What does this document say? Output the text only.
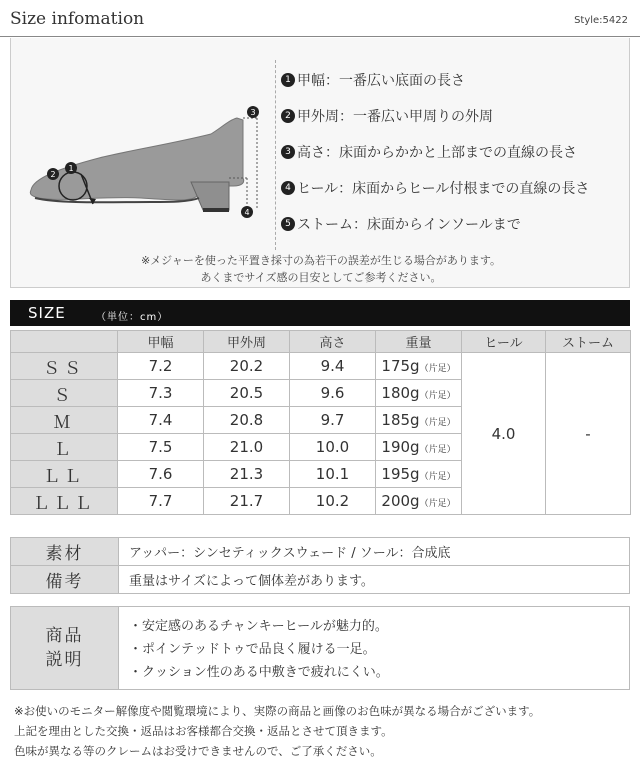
Size infomation	Style:5422
1
2
3
4
1 甲幅：一番広い底面の長さ
2 甲外周：一番広い甲周りの外周
3 高さ：床面からかかと上部までの直線の長さ
4 ヒール：床面からヒール付根までの直線の長さ
5 ストーム：床面からインソールまで
※メジャーを使った平置き採寸の為若干の誤差が生じる場合があります。
あくまでサイズ感の目安としてご参考ください。
SIZE	（単位：cm）
	甲幅	甲外周	高さ	重量	ヒール	ストーム
ＳＳ	7.2	20.2	9.4	175g（片足）	4.0	-
Ｓ	7.3	20.5	9.6	180g（片足）		
Ｍ	7.4	20.8	9.7	185g（片足）		
Ｌ	7.5	21.0	10.0	190g（片足）		
ＬＬ	7.6	21.3	10.1	195g（片足）		
ＬＬＬ	7.7	21.7	10.2	200g（片足）		
素材	アッパー：シンセティックスウェード / ソール：合成底
備考	重量はサイズによって個体差があります。
商品
説明
・安定感のあるチャンキーヒールが魅力的。
・ポインテッドトゥで品良く履ける一足。
・クッション性のある中敷きで疲れにくい。
※お使いのモニター解像度や閲覧環境により、実際の商品と画像のお色味が異なる場合がございます。
上記を理由とした交換・返品はお客様都合交換・返品とさせて頂きます。
色味が異なる等のクレームはお受けできませんので、ご了承ください。
